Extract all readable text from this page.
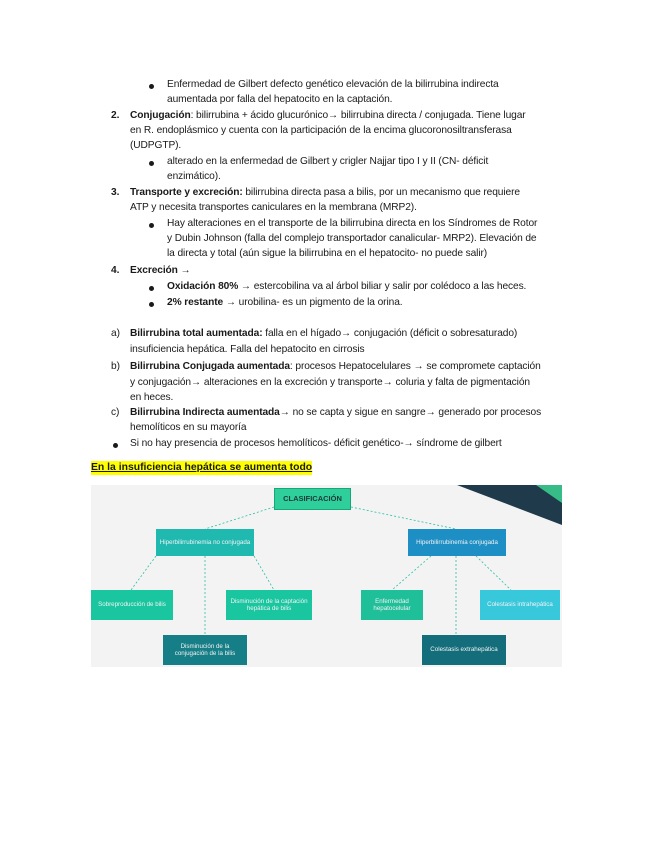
Enfermedad de Gilbert defecto genético elevación de la bilirrubina indirecta
aumentada por falla del hepatocito en la captación.
2. Conjugación: bilirrubina + ácido glucurónico→ bilirrubina directa / conjugada. Tiene lugar
en R. endoplásmico y cuenta con la participación de la encima glucoronosiltransferasa
(UDPGTP).
alterado en la enfermedad de Gilbert y crigler Najjar tipo I y II (CN- déficit
enzimático).
3. Transporte y excreción: bilirrubina directa pasa a bilis, por un mecanismo que requiere
ATP y necesita transportes caniculares en la membrana (MRP2).
Hay alteraciones en el transporte de la bilirrubina directa en los Síndromes de Rotor
y Dubin Johnson (falla del complejo transportador canalicular- MRP2). Elevación de
la directa y total (aún sigue la bilirrubina en el hepatocito- no puede salir)
4. Excreción →
Oxidación 80% → estercobilina va al árbol biliar y salir por colédoco a las heces.
2% restante → urobilina- es un pigmento de la orina.
a) Bilirrubina total aumentada: falla en el hígado→ conjugación (déficit o sobresaturado)
insuficiencia hepática. Falla del hepatocito en cirrosis
b) Bilirrubina Conjugada aumentada: procesos Hepatocelulares → se compromete captación
y conjugación→ alteraciones en la excreción y transporte→ coluria y falta de pigmentación
en heces.
c) Bilirrubina Indirecta aumentada→ no se capta y sigue en sangre→ generado por procesos
hemolíticos en su mayoría
Si no hay presencia de procesos hemolíticos- déficit genético-→ síndrome de gilbert
En la insuficiencia hepática se aumenta todo
CLASIFICACIÓN
Hiperbilirrubinemia no conjugada	Hiperbilirrubinemia conjugada
Sobreproducción de bilis
Disminución de la captación hepática de bilis
Disminución de la conjugación de la bilis
Enfermedad hepatocelular
Colestasis intrahepática
Colestasis extrahepática
